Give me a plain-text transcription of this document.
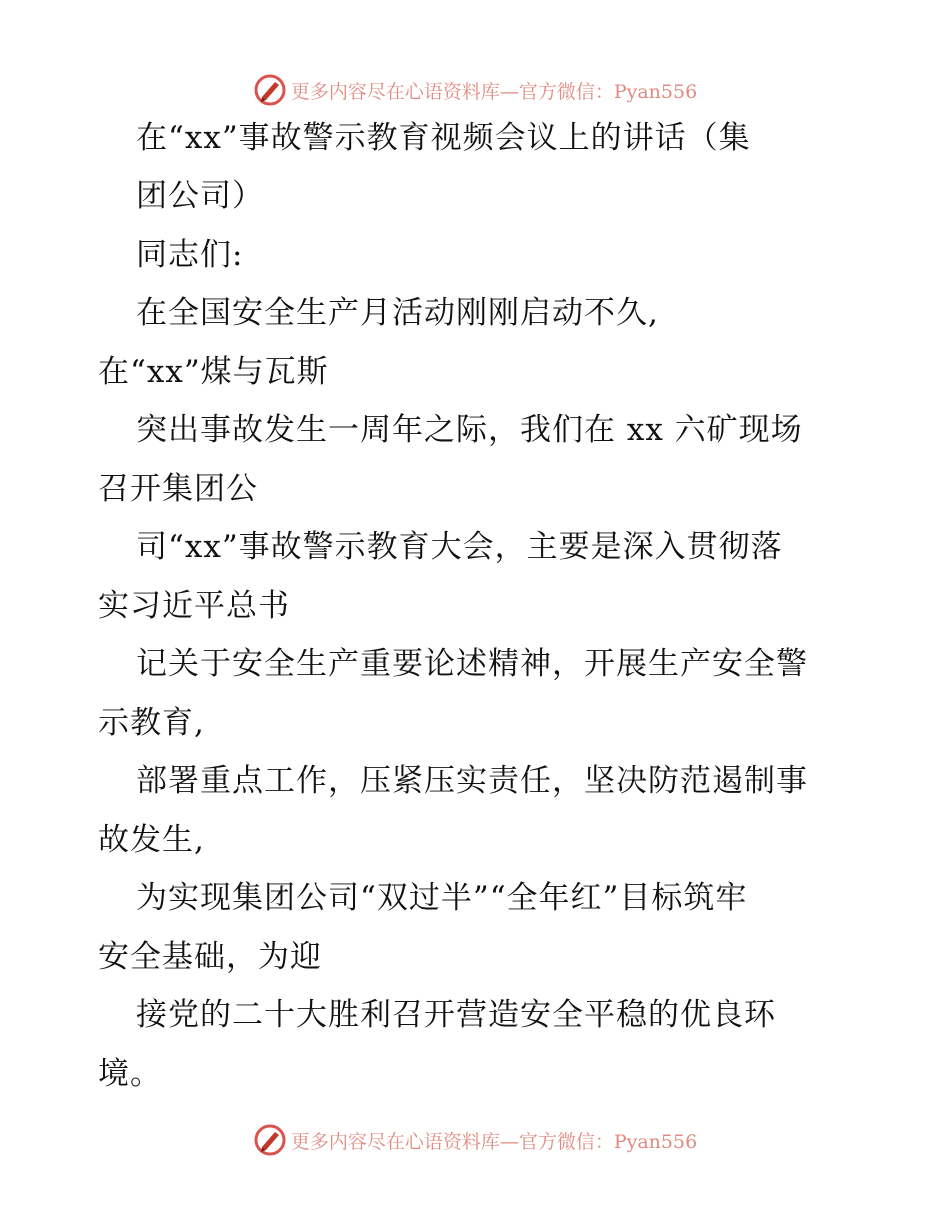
更多内容尽在心语资料库—官方微信：Pyan556
在“xx”事故警示教育视频会议上的讲话（集
团公司）
同志们:
在全国安全生产月活动刚刚启动不久,
在“xx”煤与瓦斯
突出事故发生一周年之际，我们在 xx 六矿现场
召开集团公
司“xx”事故警示教育大会，主要是深入贯彻落
实习近平总书
记关于安全生产重要论述精神，开展生产安全警
示教育,
部署重点工作，压紧压实责任，坚决防范遏制事
故发生,
为实现集团公司“双过半”“全年红”目标筑牢
安全基础，为迎
接党的二十大胜利召开营造安全平稳的优良环
境。
更多内容尽在心语资料库—官方微信：Pyan556
